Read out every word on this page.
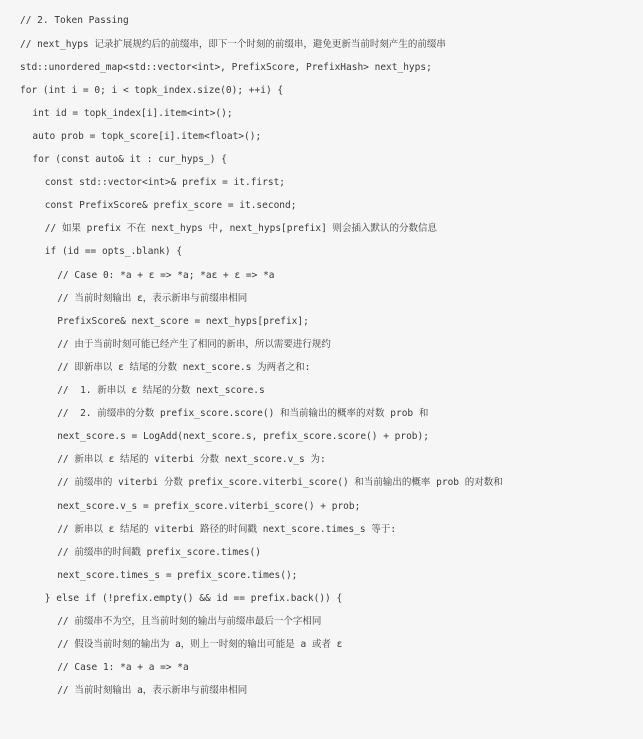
// 2. Token Passing
// next_hyps 记录扩展规约后的前缀串，即下一个时刻的前缀串，避免更新当前时刻产生的前缀串
std::unordered_map<std::vector<int>, PrefixScore, PrefixHash> next_hyps;
for (int i = 0; i < topk_index.size(0); ++i) {
int id = topk_index[i].item<int>();
auto prob = topk_score[i].item<float>();
for (const auto& it : cur_hyps_) {
const std::vector<int>& prefix = it.first;
const PrefixScore& prefix_score = it.second;
// 如果 prefix 不在 next_hyps 中, next_hyps[prefix] 则会插入默认的分数信息
if (id == opts_.blank) {
// Case 0: *a + ε => *a; *aε + ε => *a
// 当前时刻输出 ε，表示新串与前缀串相同
PrefixScore& next_score = next_hyps[prefix];
// 由于当前时刻可能已经产生了相同的新串，所以需要进行规约
// 即新串以 ε 结尾的分数 next_score.s 为两者之和:
//  1. 新串以 ε 结尾的分数 next_score.s
//  2. 前缀串的分数 prefix_score.score() 和当前输出的概率的对数 prob 和
next_score.s = LogAdd(next_score.s, prefix_score.score() + prob);
// 新串以 ε 结尾的 viterbi 分数 next_score.v_s 为:
// 前缀串的 viterbi 分数 prefix_score.viterbi_score() 和当前输出的概率 prob 的对数和
next_score.v_s = prefix_score.viterbi_score() + prob;
// 新串以 ε 结尾的 viterbi 路径的时间戳 next_score.times_s 等于:
// 前缀串的时间戳 prefix_score.times()
next_score.times_s = prefix_score.times();
} else if (!prefix.empty() && id == prefix.back()) {
// 前缀串不为空，且当前时刻的输出与前缀串最后一个字相同
// 假设当前时刻的输出为 a，则上一时刻的输出可能是 a 或者 ε
// Case 1: *a + a => *a
// 当前时刻输出 a，表示新串与前缀串相同
